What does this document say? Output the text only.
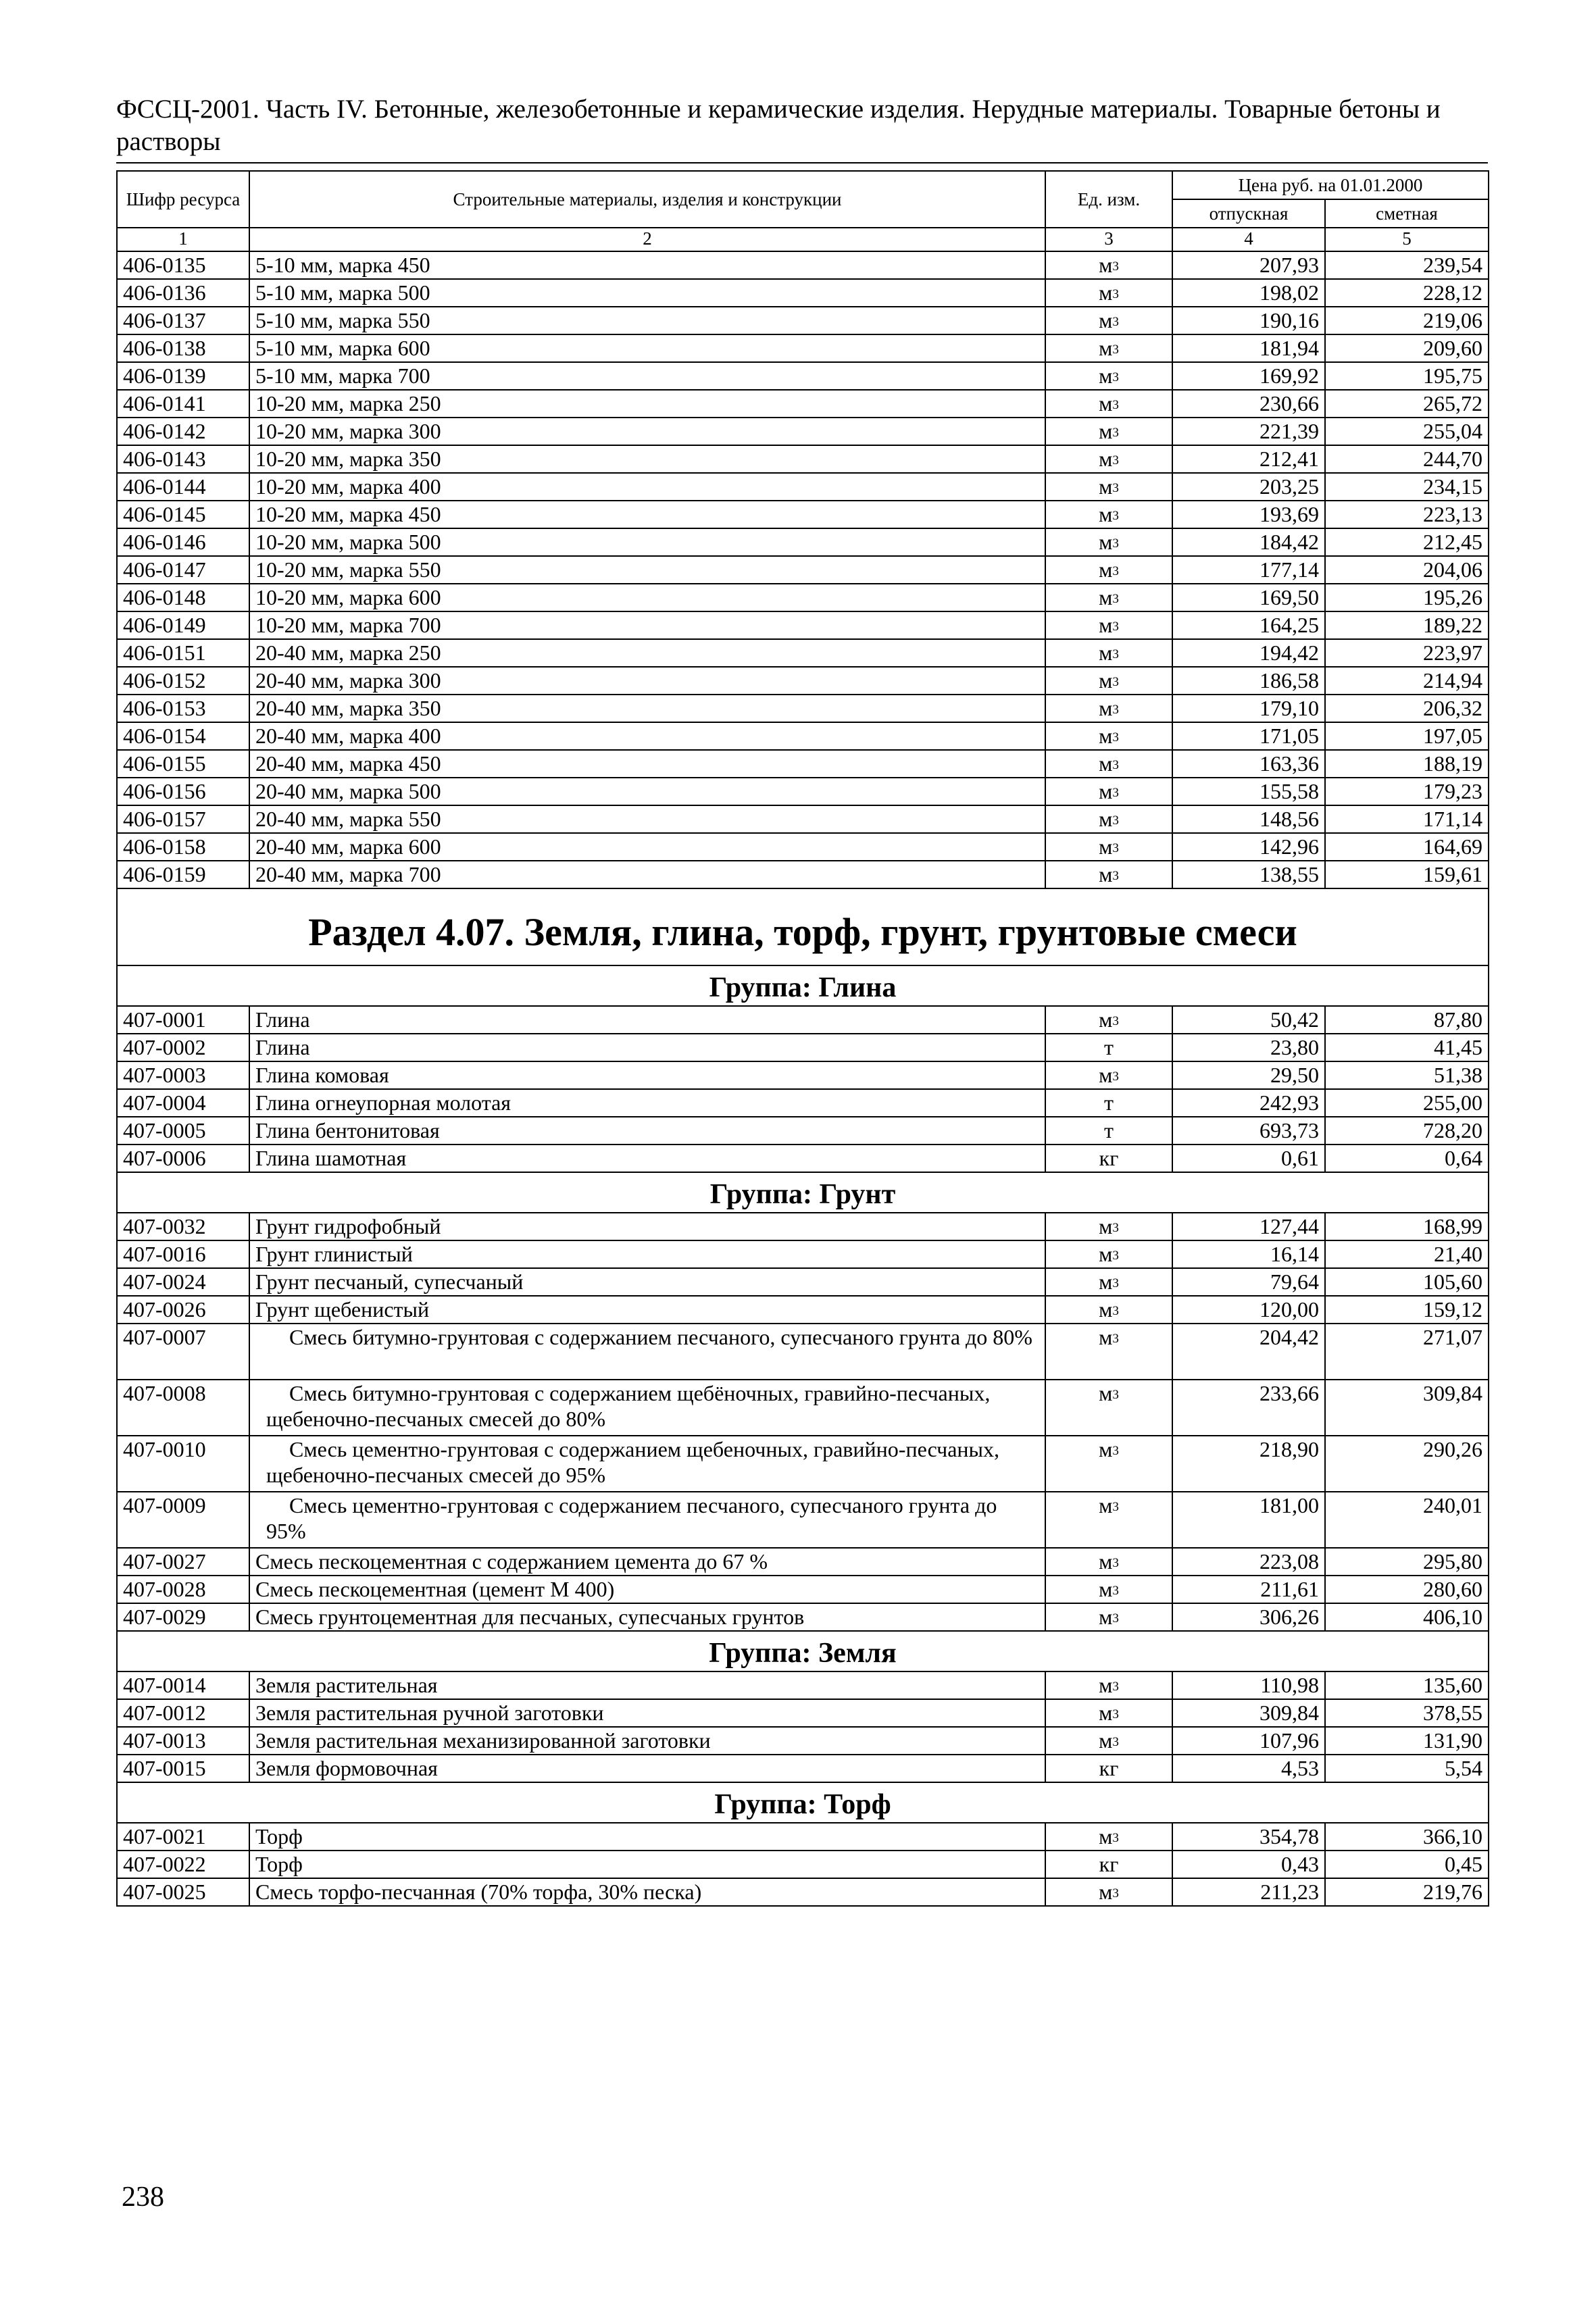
ФССЦ-2001. Часть IV. Бетонные, железобетонные и керамические изделия. Нерудные материалы. Товарные бетоны и растворы
Шифр ресурса	Строительные материалы, изделия и конструкции	Ед. изм.	Цена руб. на 01.01.2000	
			отпускная	сметная
1	2	3	4	5
406-0135	5-10 мм, марка 450	$м^3$	207,93	239,54
406-0136	5-10 мм, марка 500	$м^3$	198,02	228,12
406-0137	5-10 мм, марка 550	$м^3$	190,16	219,06
406-0138	5-10 мм, марка 600	$м^3$	181,94	209,60
406-0139	5-10 мм, марка 700	$м^3$	169,92	195,75
406-0141	10-20 мм, марка 250	$м^3$	230,66	265,72
406-0142	10-20 мм, марка 300	$м^3$	221,39	255,04
406-0143	10-20 мм, марка 350	$м^3$	212,41	244,70
406-0144	10-20 мм, марка 400	$м^3$	203,25	234,15
406-0145	10-20 мм, марка 450	$м^3$	193,69	223,13
406-0146	10-20 мм, марка 500	$м^3$	184,42	212,45
406-0147	10-20 мм, марка 550	$м^3$	177,14	204,06
406-0148	10-20 мм, марка 600	$м^3$	169,50	195,26
406-0149	10-20 мм, марка 700	$м^3$	164,25	189,22
406-0151	20-40 мм, марка 250	$м^3$	194,42	223,97
406-0152	20-40 мм, марка 300	$м^3$	186,58	214,94
406-0153	20-40 мм, марка 350	$м^3$	179,10	206,32
406-0154	20-40 мм, марка 400	$м^3$	171,05	197,05
406-0155	20-40 мм, марка 450	$м^3$	163,36	188,19
406-0156	20-40 мм, марка 500	$м^3$	155,58	179,23
406-0157	20-40 мм, марка 550	$м^3$	148,56	171,14
406-0158	20-40 мм, марка 600	$м^3$	142,96	164,69
406-0159	20-40 мм, марка 700	$м^3$	138,55	159,61
Раздел 4.07. Земля, глина, торф, грунт, грунтовые смеси				
Группа: Глина				
407-0001	Глина	$м^3$	50,42	87,80
407-0002	Глина	т	23,80	41,45
407-0003	Глина комовая	$м^3$	29,50	51,38
407-0004	Глина огнеупорная молотая	т	242,93	255,00
407-0005	Глина бентонитовая	т	693,73	728,20
407-0006	Глина шамотная	кг	0,61	0,64
Группа: Грунт				
407-0032	Грунт гидрофобный	$м^3$	127,44	168,99
407-0016	Грунт глинистый	$м^3$	16,14	21,40
407-0024	Грунт песчаный, супесчаный	$м^3$	79,64	105,60
407-0026	Грунт щебенистый	$м^3$	120,00	159,12
407-0007	Смесь битумно-грунтовая с содержанием песчаного, супесчаного грунта до 80%	$м^3$	204,42	271,07
407-0008	Смесь битумно-грунтовая с содержанием щебёночных, гравийно-песчаных, щебеночно-песчаных смесей до 80%	$м^3$	233,66	309,84
407-0010	Смесь цементно-грунтовая с содержанием щебеночных, гравийно-песчаных, щебеночно-песчаных смесей до 95%	$м^3$	218,90	290,26
407-0009	Смесь цементно-грунтовая с содержанием песчаного, супесчаного грунта до 95%	$м^3$	181,00	240,01
407-0027	Смесь пескоцементная с содержанием цемента до 67 %	$м^3$	223,08	295,80
407-0028	Смесь пескоцементная (цемент М 400)	$м^3$	211,61	280,60
407-0029	Смесь грунтоцементная для песчаных, супесчаных грунтов	$м^3$	306,26	406,10
Группа: Земля				
407-0014	Земля растительная	$м^3$	110,98	135,60
407-0012	Земля растительная ручной заготовки	$м^3$	309,84	378,55
407-0013	Земля растительная механизированной заготовки	$м^3$	107,96	131,90
407-0015	Земля формовочная	кг	4,53	5,54
Группа: Торф				
407-0021	Торф	$м^3$	354,78	366,10
407-0022	Торф	кг	0,43	0,45
407-0025	Смесь торфо-песчанная (70% торфа, 30% песка)	$м^3$	211,23	219,76
238
